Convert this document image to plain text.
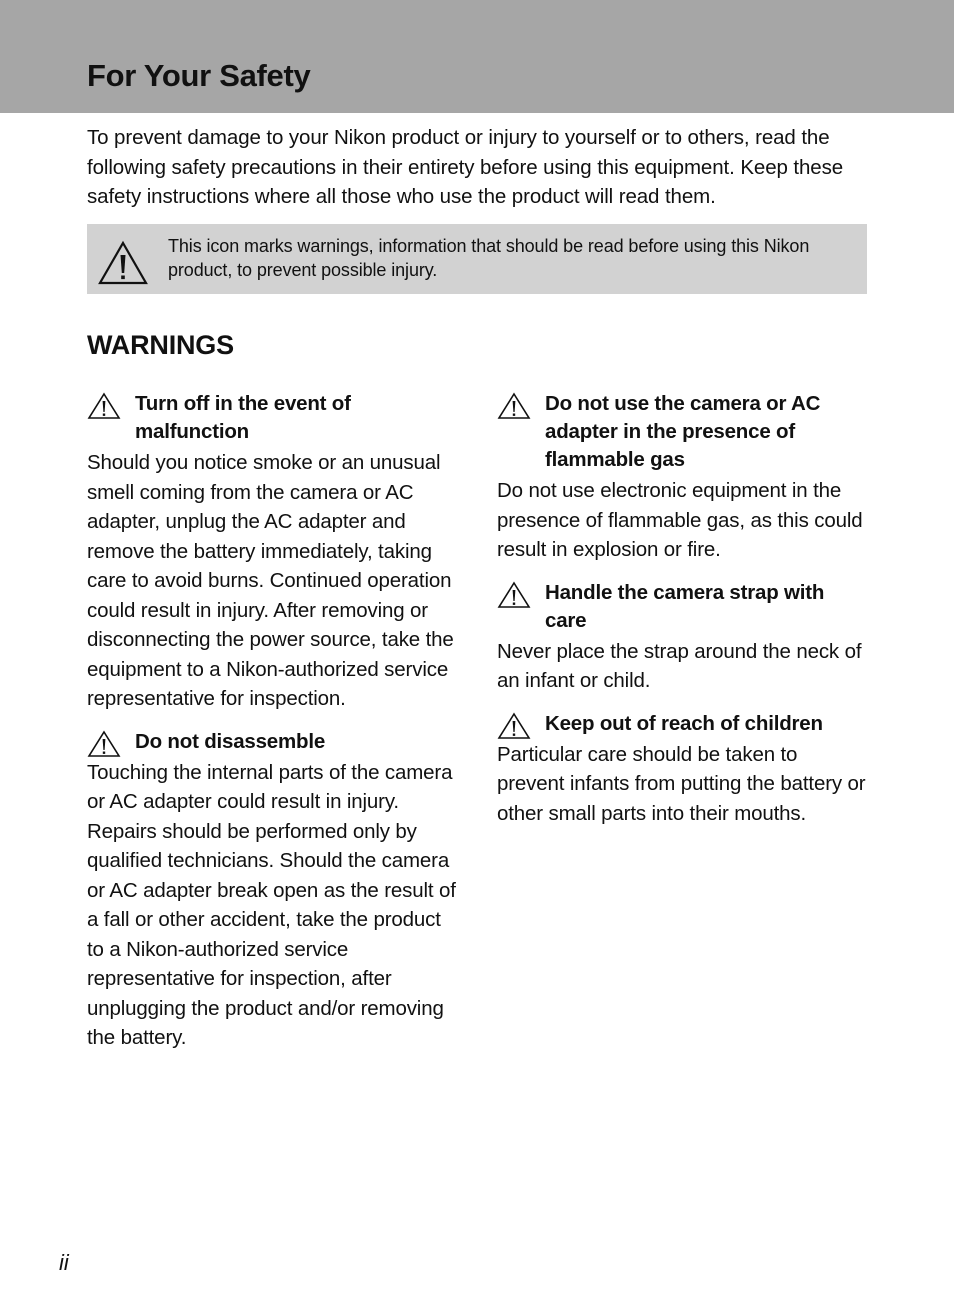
For Your Safety

To prevent damage to your Nikon product or injury to yourself or to others, read the following safety precautions in their entirety before using this equipment. Keep these safety instructions where all those who use the product will read them.

This icon marks warnings, information that should be read before using this Nikon product, to prevent possible injury.

WARNINGS

Turn off in the event of malfunction

Should you notice smoke or an unusual smell coming from the camera or AC adapter, unplug the AC adapter and remove the battery immediately, taking care to avoid burns. Continued operation could result in injury. After removing or disconnecting the power source, take the equipment to a Nikon-authorized service representative for inspection.

Do not disassemble

Touching the internal parts of the camera or AC adapter could result in injury. Repairs should be performed only by qualified technicians. Should the camera or AC adapter break open as the result of a fall or other accident, take the product to a Nikon-authorized service representative for inspection, after unplugging the product and/or removing the battery.

Do not use the camera or AC adapter in the presence of flammable gas

Do not use electronic equipment in the presence of flammable gas, as this could result in explosion or fire.

Handle the camera strap with care

Never place the strap around the neck of an infant or child.

Keep out of reach of children

Particular care should be taken to prevent infants from putting the battery or other small parts into their mouths.

ii
